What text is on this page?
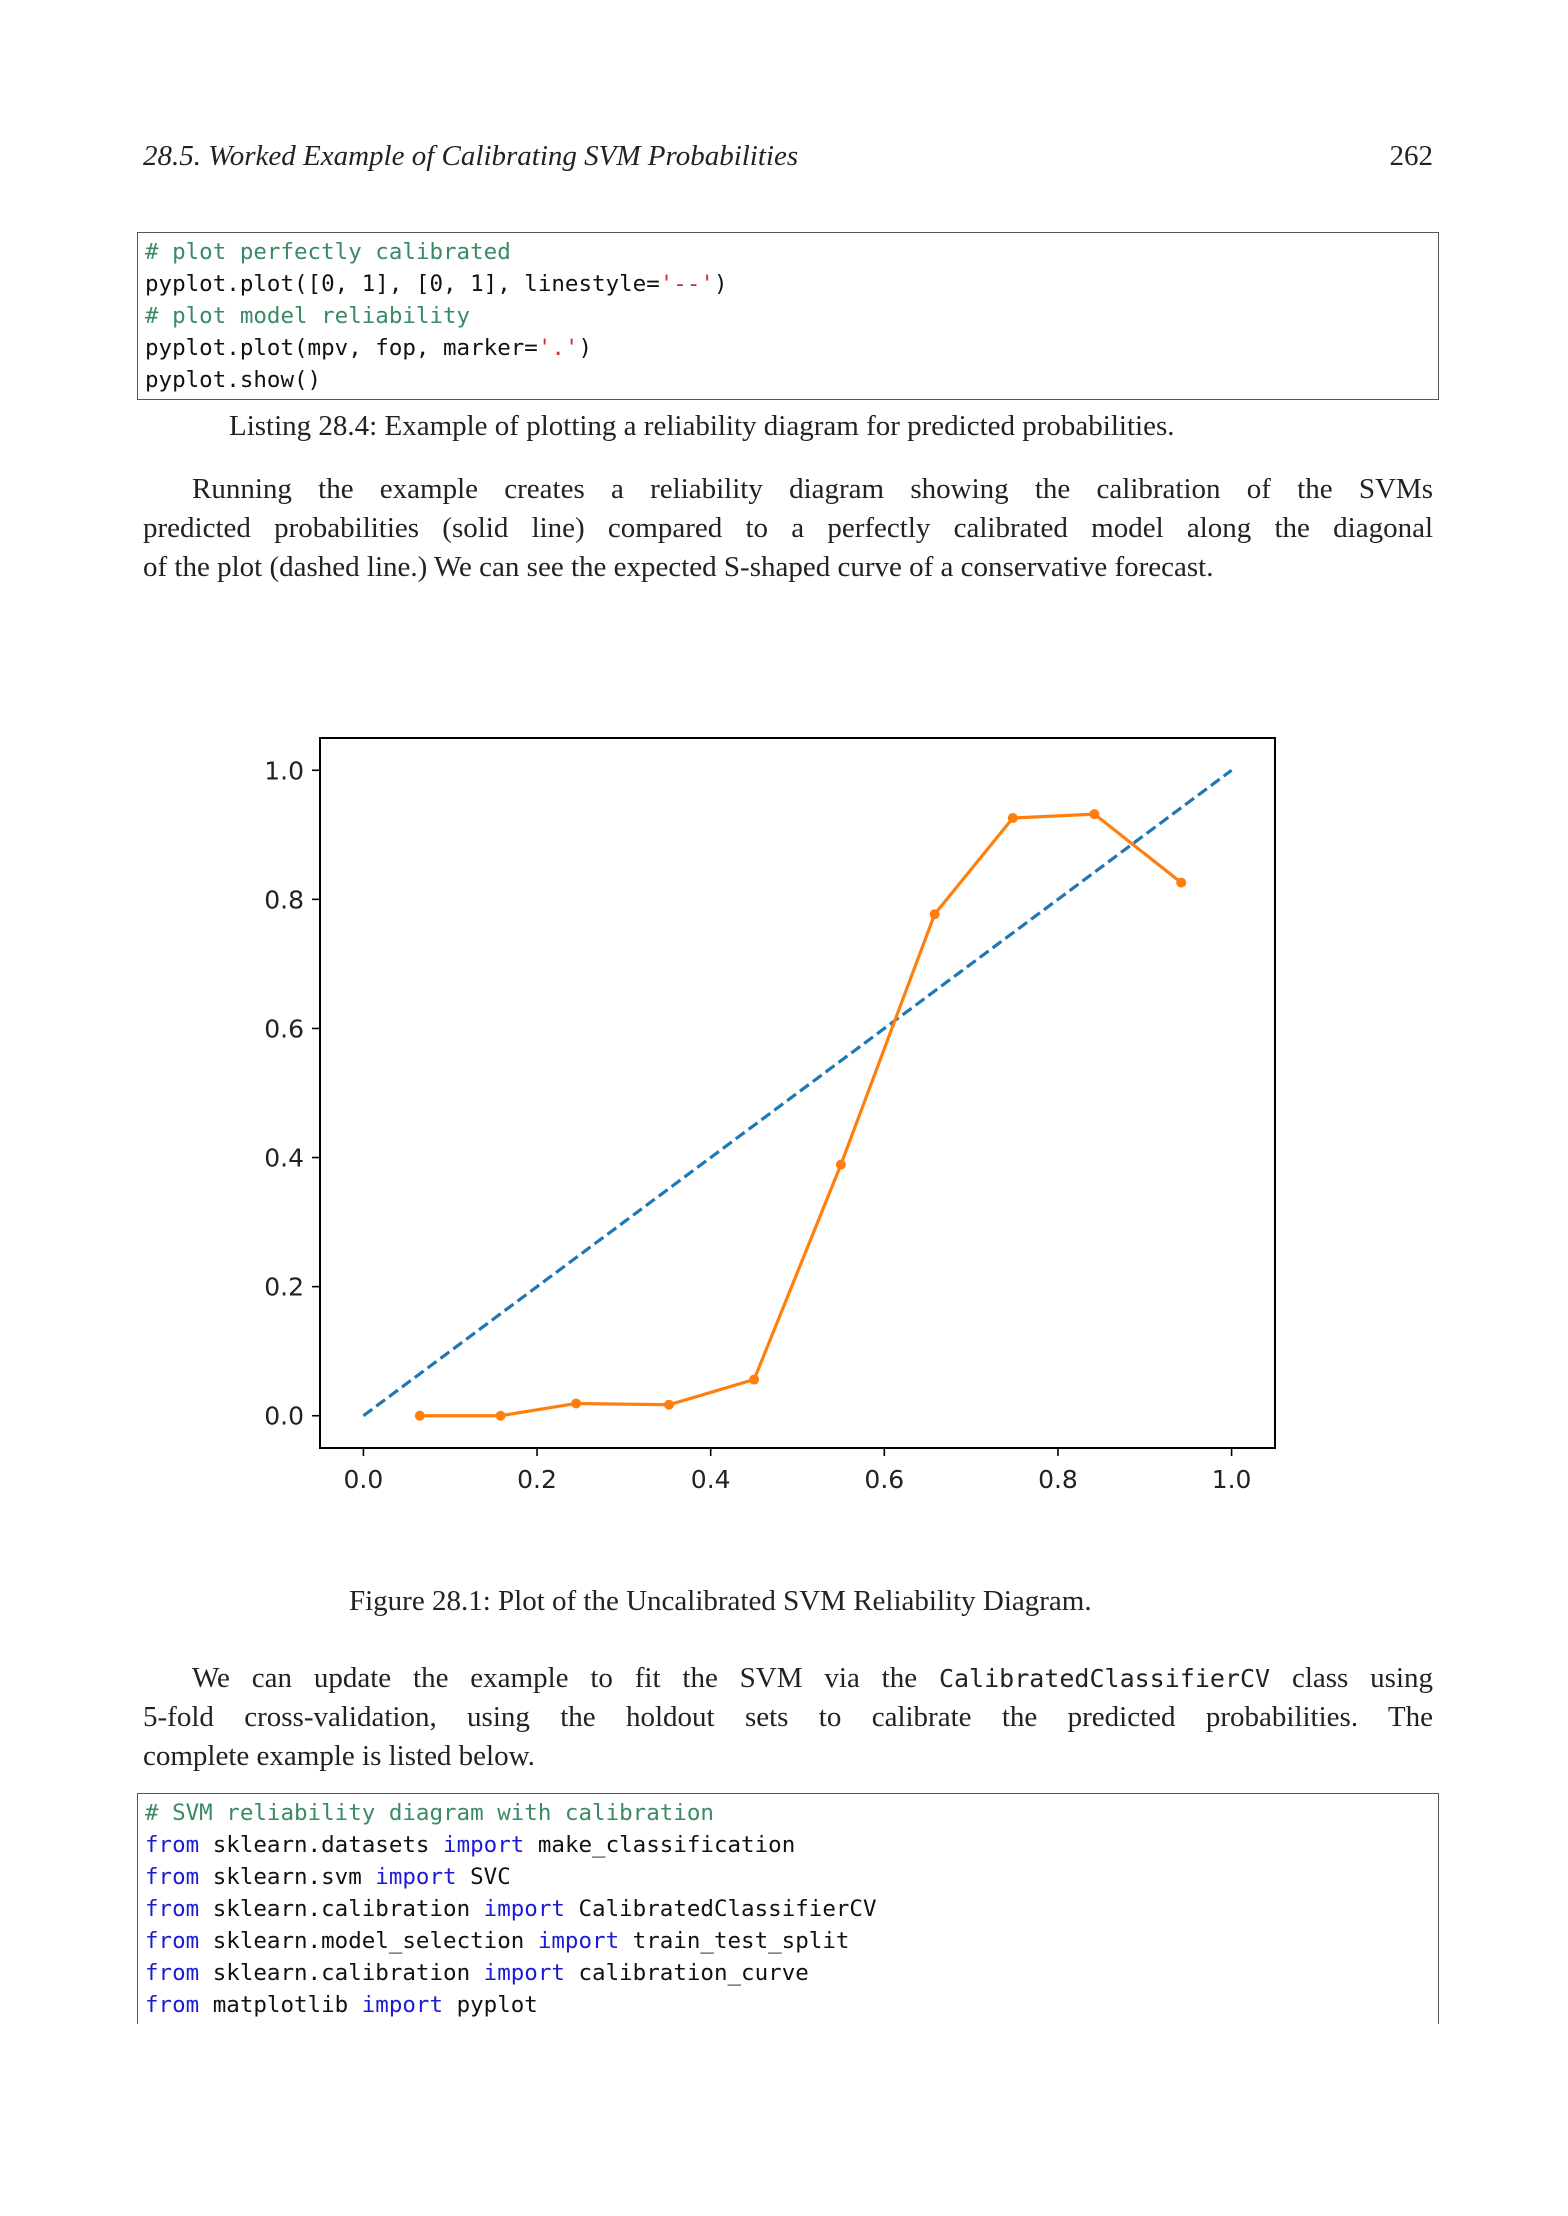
28.5. Worked Example of Calibrating SVM Probabilities	262
# plot perfectly calibrated
pyplot.plot([0, 1], [0, 1], linestyle='--')
# plot model reliability
pyplot.plot(mpv, fop, marker='.')
pyplot.show()
Listing 28.4: Example of plotting a reliability diagram for predicted probabilities.
Running the example creates a reliability diagram showing the calibration of the SVMs
predicted probabilities (solid line) compared to a perfectly calibrated model along the diagonal
of the plot (dashed line.) We can see the expected S-shaped curve of a conservative forecast.
0.0	0.2	0.4	0.6	0.8	1.0
0.0
0.2
0.4
0.6
0.8
1.0
Figure 28.1: Plot of the Uncalibrated SVM Reliability Diagram.
We can update the example to fit the SVM via the CalibratedClassifierCV class using
5-fold cross-validation, using the holdout sets to calibrate the predicted probabilities. The
complete example is listed below.
# SVM reliability diagram with calibration
from sklearn.datasets import make_classification
from sklearn.svm import SVC
from sklearn.calibration import CalibratedClassifierCV
from sklearn.model_selection import train_test_split
from sklearn.calibration import calibration_curve
from matplotlib import pyplot
